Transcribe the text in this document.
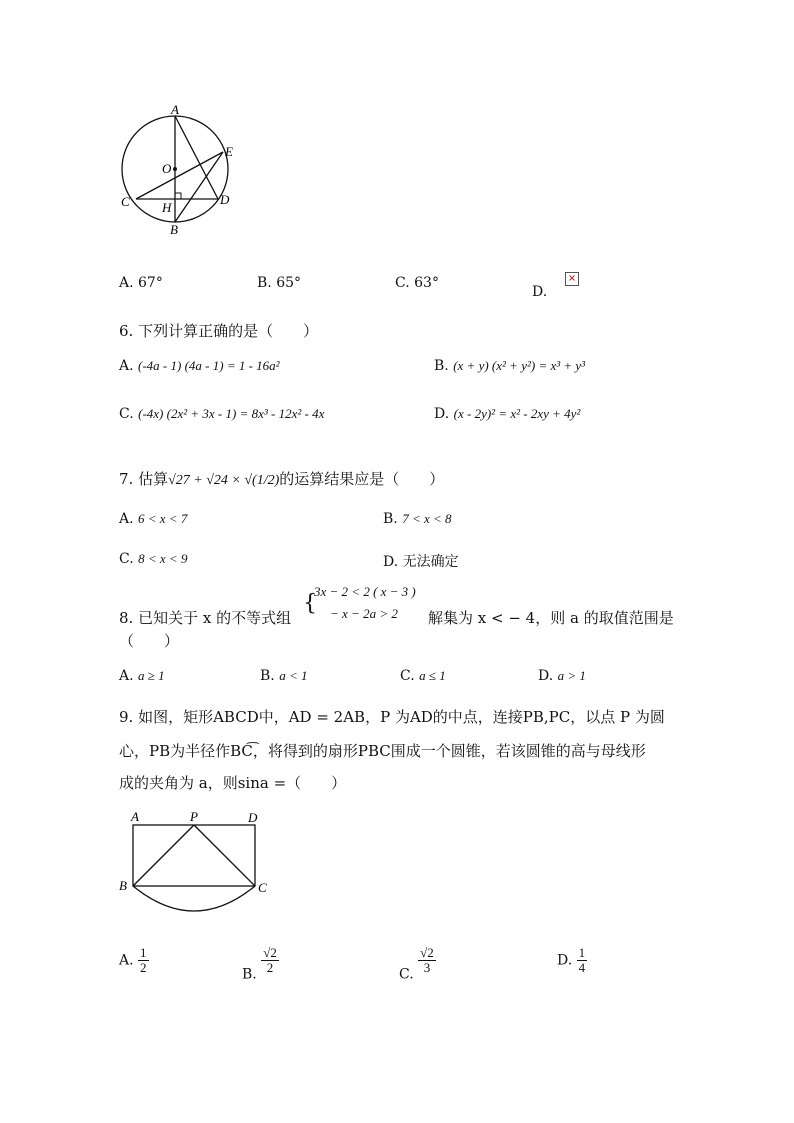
A
O
E
C H
D
B
A. 67°	B. 65°	C. 63°
D.
×
6. 下列计算正确的是（　　）
A. (-4a - 1) (4a - 1) = 1 - 16a²	B. (x + y) (x² + y²) = x³ + y³
C. (-4x) (2x² + 3x - 1) = 8x³ - 12x² - 4x	D. (x - 2y)² = x² - 2xy + 4y²
7. 估算√27 + √24 × √(1/2)的运算结果应是（　　）
A. 6 < x < 7	B. 7 < x < 8
C. 8 < x < 9	D. 无法确定
8. 已知关于 x 的不等式组
{
3x − 2 < 2 ( x − 3 )
− x − 2a > 2 解集为 x < − 4，则 a 的取值范围是
（　　）
A. a ≥ 1	B. a < 1	C. a ≤ 1	D. a > 1
9. 如图，矩形ABCD中，AD = 2AB，P 为AD的中点，连接PB,PC，以点 P 为圆
心，PB为半径作BC͡，将得到的扇形PBC围成一个圆锥，若该圆锥的高与母线形
成的夹角为 a，则sina =（　　）
A	P	D
B	C
A. $\frac{1}{2}$	B. $\frac{√2}{2}$	C. $\frac{√2}{3}$	D. $\frac{1}{4}$
